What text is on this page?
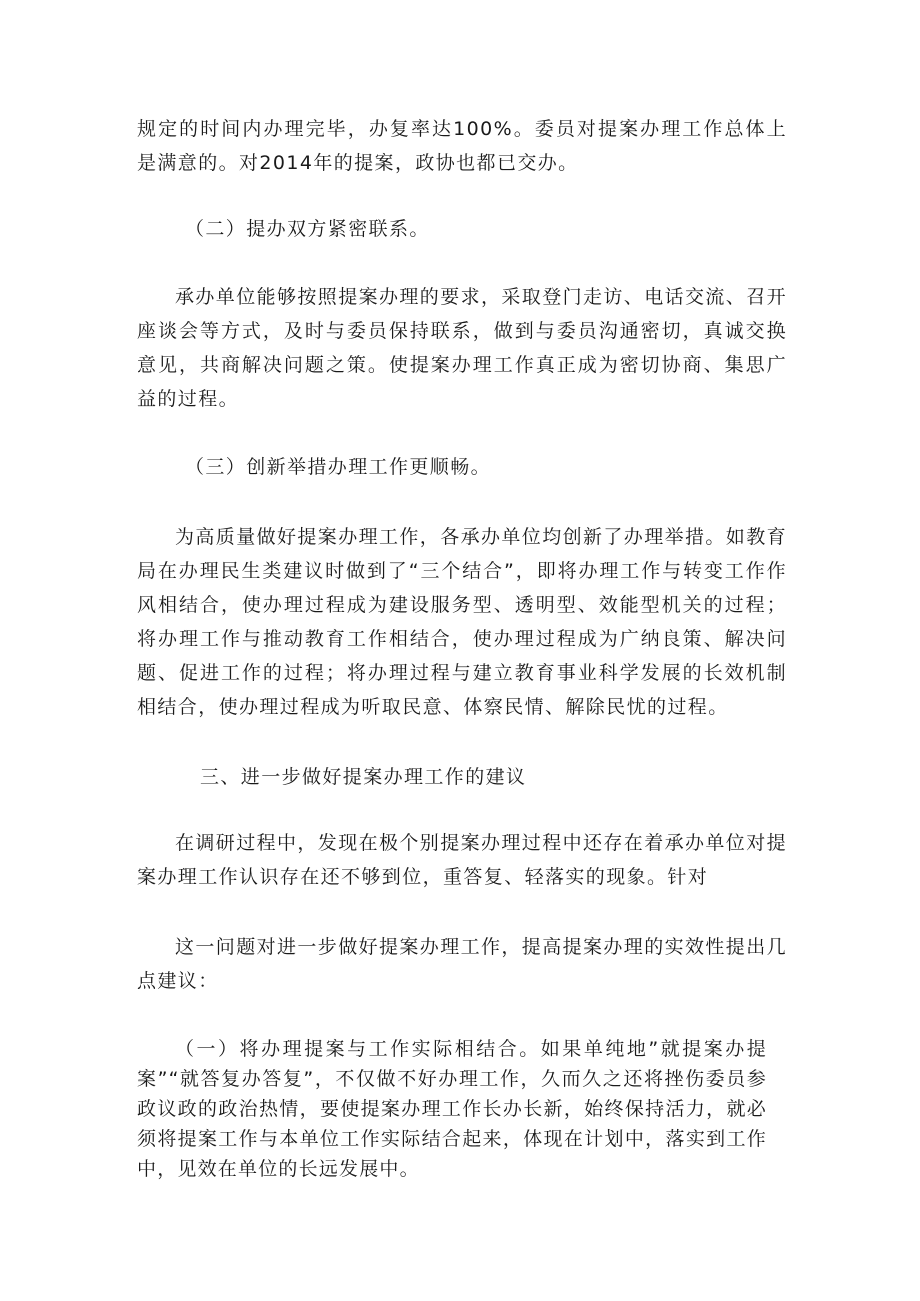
规定的时间内办理完毕，办复率达100%。委员对提案办理工作总体上是满意的。对2014年的提案，政协也都已交办。

（二）提办双方紧密联系。

承办单位能够按照提案办理的要求，采取登门走访、电话交流、召开座谈会等方式，及时与委员保持联系，做到与委员沟通密切，真诚交换意见，共商解决问题之策。使提案办理工作真正成为密切协商、集思广益的过程。

（三）创新举措办理工作更顺畅。

为高质量做好提案办理工作，各承办单位均创新了办理举措。如教育局在办理民生类建议时做到了“三个结合”，即将办理工作与转变工作作风相结合，使办理过程成为建设服务型、透明型、效能型机关的过程；将办理工作与推动教育工作相结合，使办理过程成为广纳良策、解决问题、促进工作的过程；将办理过程与建立教育事业科学发展的长效机制相结合，使办理过程成为听取民意、体察民情、解除民忧的过程。

三、进一步做好提案办理工作的建议

在调研过程中，发现在极个别提案办理过程中还存在着承办单位对提案办理工作认识存在还不够到位，重答复、轻落实的现象。针对

这一问题对进一步做好提案办理工作，提高提案办理的实效性提出几点建议：

（一）将办理提案与工作实际相结合。如果单纯地”就提案办提案”“就答复办答复”，不仅做不好办理工作，久而久之还将挫伤委员参政议政的政治热情，要使提案办理工作长办长新，始终保持活力，就必须将提案工作与本单位工作实际结合起来，体现在计划中，落实到工作中，见效在单位的长远发展中。
